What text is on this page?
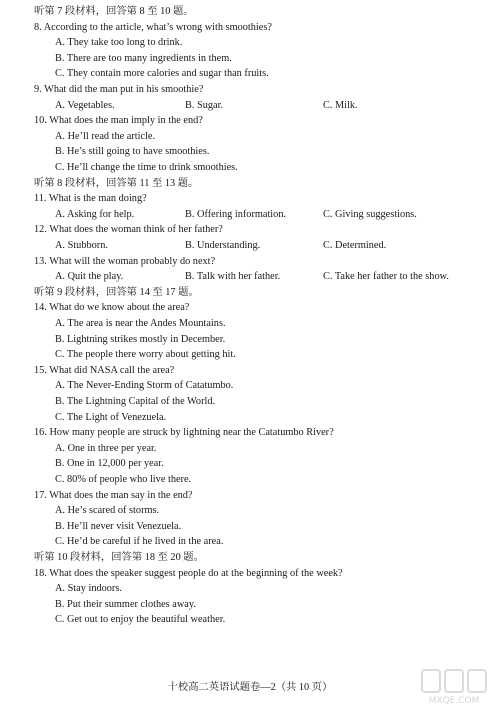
听第 7 段材料，回答第 8 至 10 题。
8. According to the article, what’s wrong with smoothies?
A. They take too long to drink.
B. There are too many ingredients in them.
C. They contain more calories and sugar than fruits.
9. What did the man put in his smoothie?
A. Vegetables.	B. Sugar.	C. Milk.
10. What does the man imply in the end?
A. He’ll read the article.
B. He’s still going to have smoothies.
C. He’ll change the time to drink smoothies.
听第 8 段材料，回答第 11 至 13 题。
11. What is the man doing?
A. Asking for help.	B. Offering information.	C. Giving suggestions.
12. What does the woman think of her father?
A. Stubborn.	B. Understanding.	C. Determined.
13. What will the woman probably do next?
A. Quit the play.	B. Talk with her father.	C. Take her father to the show.
听第 9 段材料，回答第 14 至 17 题。
14. What do we know about the area?
A. The area is near the Andes Mountains.
B. Lightning strikes mostly in December.
C. The people there worry about getting hit.
15. What did NASA call the area?
A. The Never-Ending Storm of Catatumbo.
B. The Lightning Capital of the World.
C. The Light of Venezuela.
16. How many people are struck by lightning near the Catatumbo River?
A. One in three per year.
B. One in 12,000 per year.
C. 80% of people who live there.
17. What does the man say in the end?
A. He’s scared of storms.
B. He’ll never visit Venezuela.
C. He’d be careful if he lived in the area.
听第 10 段材料，回答第 18 至 20 题。
18. What does the speaker suggest people do at the beginning of the week?
A. Stay indoors.
B. Put their summer clothes away.
C. Get out to enjoy the beautiful weather.
十校高二英语试题卷—2（共 10 页）
MXQE.COM
